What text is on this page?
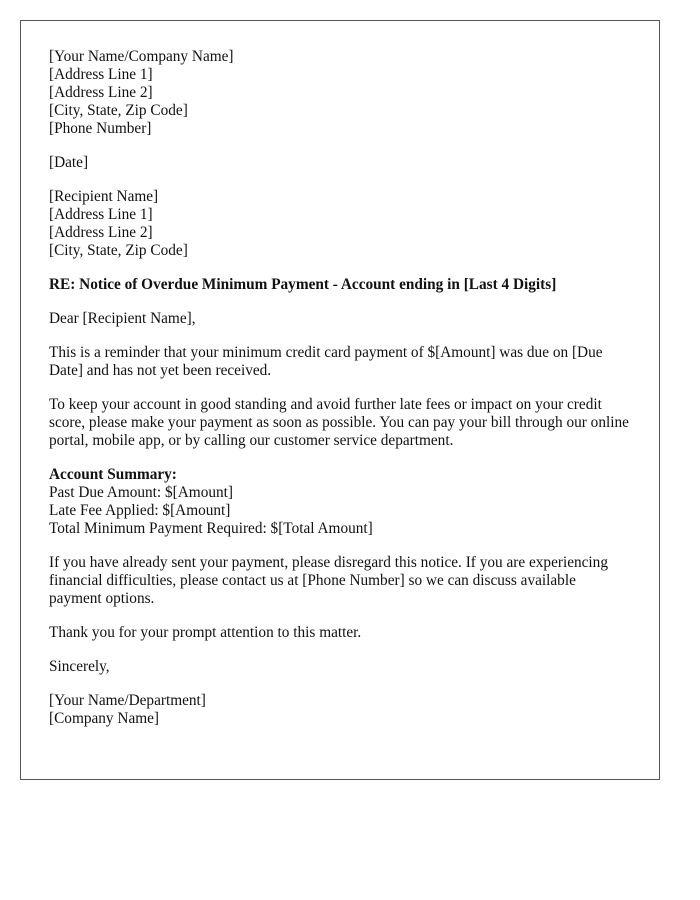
[Your Name/Company Name]
[Address Line 1]
[Address Line 2]
[City, State, Zip Code]
[Phone Number]
[Date]
[Recipient Name]
[Address Line 1]
[Address Line 2]
[City, State, Zip Code]

RE: Notice of Overdue Minimum Payment - Account ending in [Last 4 Digits]

Dear [Recipient Name],

This is a reminder that your minimum credit card payment of $[Amount] was due on [Due Date] and has not yet been received.

To keep your account in good standing and avoid further late fees or impact on your credit score, please make your payment as soon as possible. You can pay your bill through our online portal, mobile app, or by calling our customer service department.

Account Summary:
Past Due Amount: $[Amount]
Late Fee Applied: $[Amount]
Total Minimum Payment Required: $[Total Amount]

If you have already sent your payment, please disregard this notice. If you are experiencing financial difficulties, please contact us at [Phone Number] so we can discuss available payment options.

Thank you for your prompt attention to this matter.

Sincerely,

[Your Name/Department]
[Company Name]
